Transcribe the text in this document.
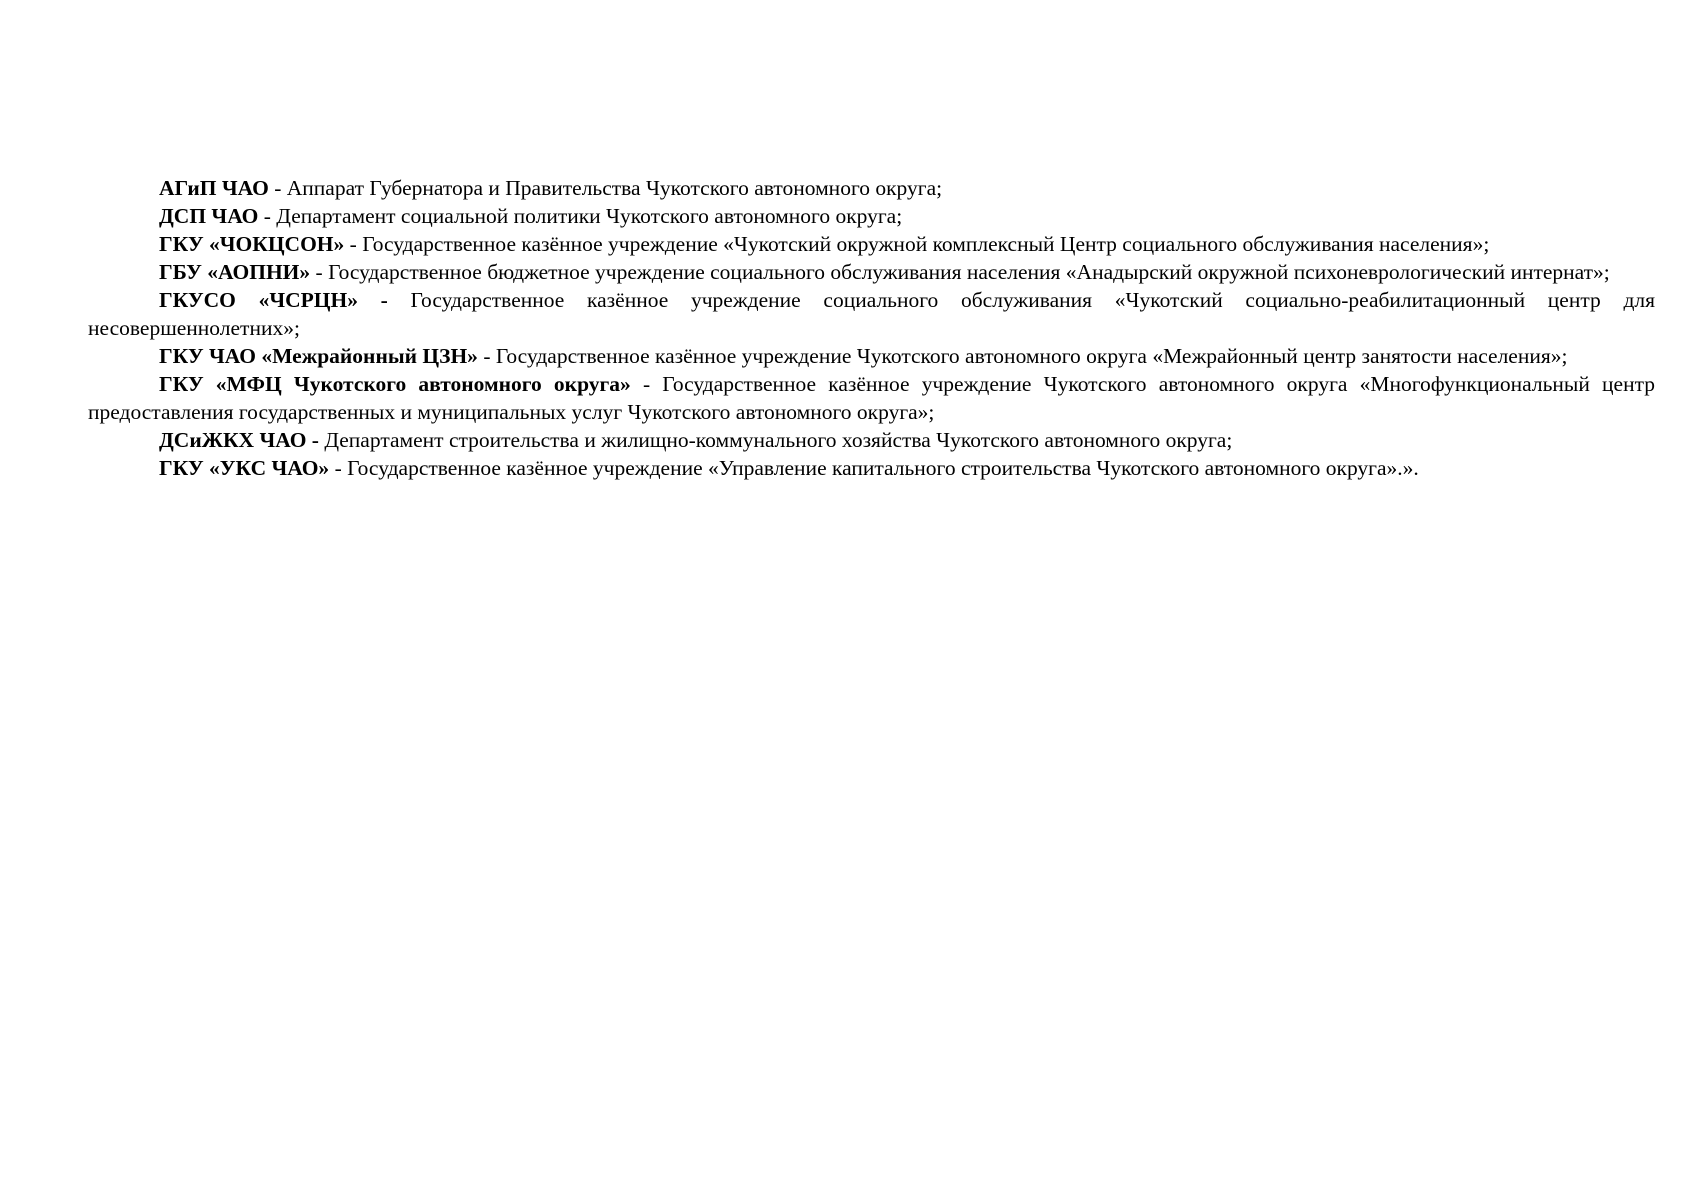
АГиП ЧАО - Аппарат Губернатора и Правительства Чукотского автономного округа;
ДСП ЧАО - Департамент социальной политики Чукотского автономного округа;
ГКУ «ЧОКЦСОН» - Государственное казённое учреждение «Чукотский окружной комплексный Центр социального обслуживания населения»;
ГБУ «АОПНИ» - Государственное бюджетное учреждение социального обслуживания населения «Анадырский окружной психоневрологический интернат»;
ГКУСО «ЧСРЦН» - Государственное казённое учреждение социального обслуживания «Чукотский социально-реабилитационный центр для несовершеннолетних»;
ГКУ ЧАО «Межрайонный ЦЗН» - Государственное казённое учреждение Чукотского автономного округа «Межрайонный центр занятости населения»;
ГКУ «МФЦ Чукотского автономного округа» - Государственное казённое учреждение Чукотского автономного округа «Многофункциональный центр предоставления государственных и муниципальных услуг Чукотского автономного округа»;
ДСиЖКХ ЧАО - Департамент строительства и жилищно-коммунального хозяйства Чукотского автономного округа;
ГКУ «УКС ЧАО» - Государственное казённое учреждение «Управление капитального строительства Чукотского автономного округа».».
